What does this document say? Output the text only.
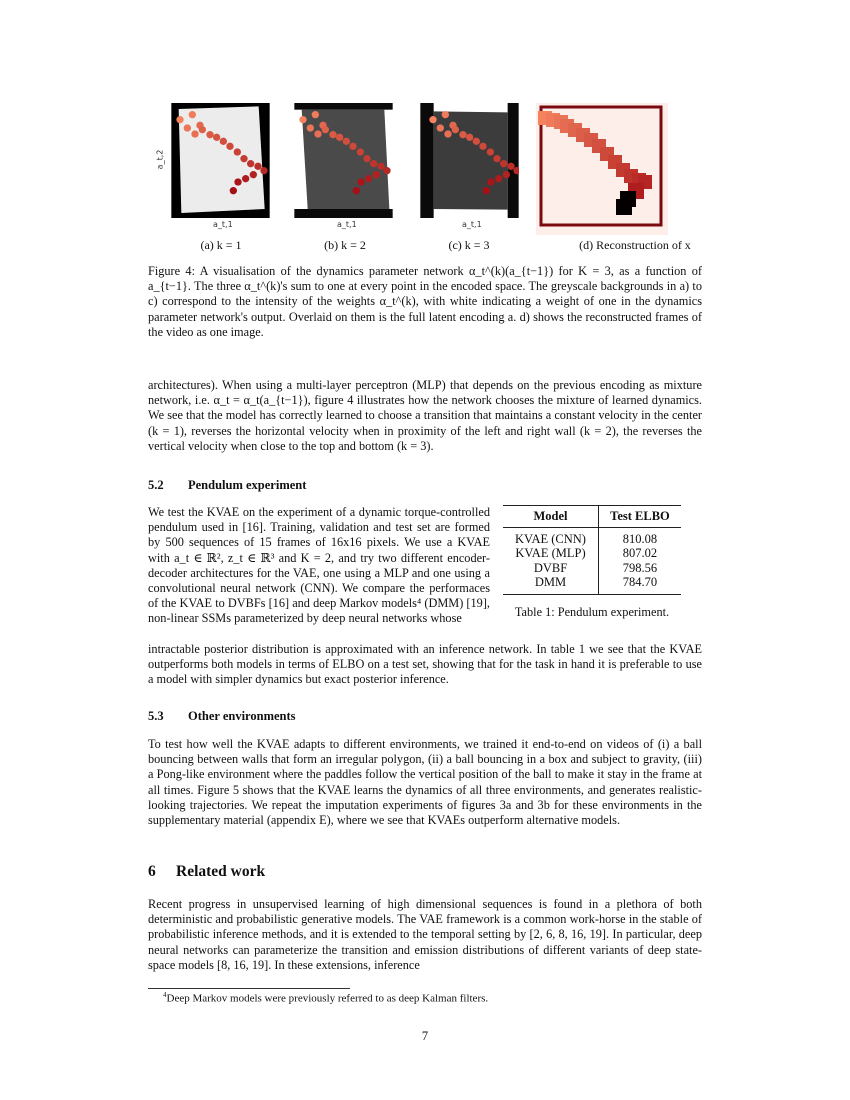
a_t,1	a_t,1	a_t,1
a_t,2
(a) k = 1	(b) k = 2	(c) k = 3	(d) Reconstruction of x
Figure 4: A visualisation of the dynamics parameter network α_t^(k)(a_{t−1}) for K = 3, as a function of a_{t−1}. The three α_t^(k)'s sum to one at every point in the encoded space. The greyscale backgrounds in a) to c) correspond to the intensity of the weights α_t^(k), with white indicating a weight of one in the dynamics parameter network's output. Overlaid on them is the full latent encoding a. d) shows the reconstructed frames of the video as one image.
architectures). When using a multi-layer perceptron (MLP) that depends on the previous encoding as mixture network, i.e. α_t = α_t(a_{t−1}), figure 4 illustrates how the network chooses the mixture of learned dynamics. We see that the model has correctly learned to choose a transition that maintains a constant velocity in the center (k = 1), reverses the horizontal velocity when in proximity of the left and right wall (k = 2), the reverses the vertical velocity when close to the top and bottom (k = 3).
5.2 Pendulum experiment
We test the KVAE on the experiment of a dynamic torque-controlled pendulum used in [16]. Training, validation and test set are formed by 500 sequences of 15 frames of 16x16 pixels. We use a KVAE with a_t ∈ ℝ², z_t ∈ ℝ³ and K = 2, and try two different encoder-decoder architectures for the VAE, one using a MLP and one using a convolutional neural network (CNN). We compare the performaces of the KVAE to DVBFs [16] and deep Markov models⁴ (DMM) [19], non-linear SSMs parameterized by deep neural networks whose
intractable posterior distribution is approximated with an inference network. In table 1 we see that the KVAE outperforms both models in terms of ELBO on a test set, showing that for the task in hand it is preferable to use a model with simpler dynamics but exact posterior inference.
Model	Test ELBO
KVAE (CNN)	810.08
KVAE (MLP)	807.02
DVBF	798.56
DMM	784.70
Table 1: Pendulum experiment.
5.3 Other environments
To test how well the KVAE adapts to different environments, we trained it end-to-end on videos of (i) a ball bouncing between walls that form an irregular polygon, (ii) a ball bouncing in a box and subject to gravity, (iii) a Pong-like environment where the paddles follow the vertical position of the ball to make it stay in the frame at all times. Figure 5 shows that the KVAE learns the dynamics of all three environments, and generates realistic-looking trajectories. We repeat the imputation experiments of figures 3a and 3b for these environments in the supplementary material (appendix E), where we see that KVAEs outperform alternative models.
6 Related work
Recent progress in unsupervised learning of high dimensional sequences is found in a plethora of both deterministic and probabilistic generative models. The VAE framework is a common work-horse in the stable of probabilistic inference methods, and it is extended to the temporal setting by [2, 6, 8, 16, 19]. In particular, deep neural networks can parameterize the transition and emission distributions of different variants of deep state-space models [8, 16, 19]. In these extensions, inference
$^4$Deep Markov models were previously referred to as deep Kalman filters.
7
